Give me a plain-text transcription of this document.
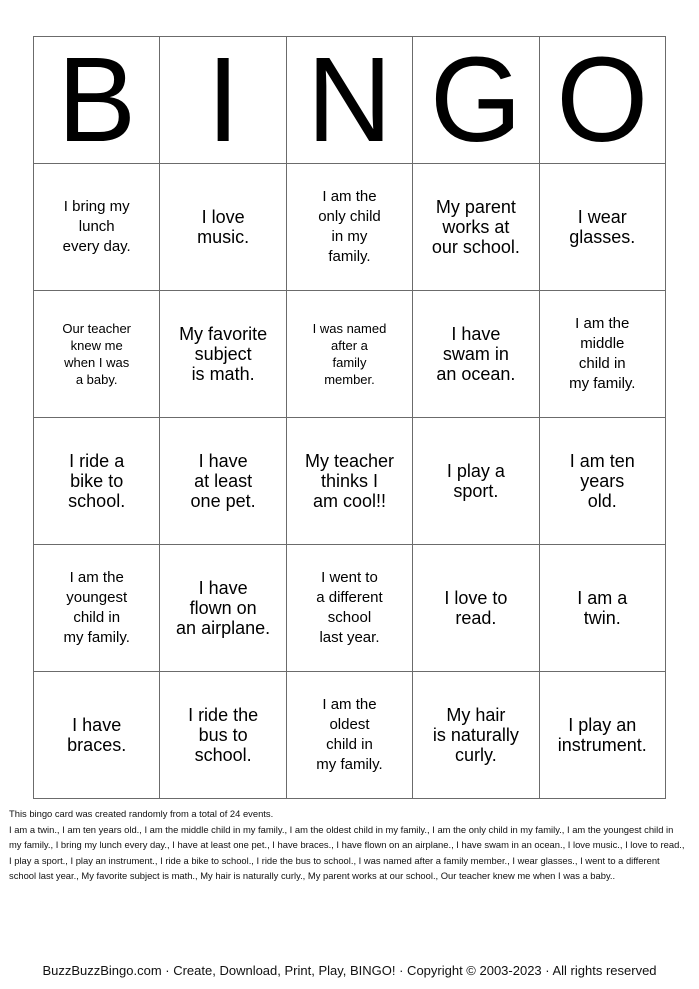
B	I	N	G	O

I bring my
lunch
every day.	I love
music.	I am the
only child
in my
family.	My parent
works at
our school.	I wear
glasses.

Our teacher
knew me
when I was
a baby.	My favorite
subject
is math.	I was named
after a
family
member.	I have
swam in
an ocean.	I am the
middle
child in
my family.

I ride a
bike to
school.	I have
at least
one pet.	My teacher
thinks I
am cool!!	I play a
sport.	I am ten
years
old.

I am the
youngest
child in
my family.	I have
flown on
an airplane.	I went to
a different
school
last year.	I love to
read.	I am a
twin.

I have
braces.	I ride the
bus to
school.	I am the
oldest
child in
my family.	My hair
is naturally
curly.	I play an
instrument.

This bingo card was created randomly from a total of 24 events.

I am a twin., I am ten years old., I am the middle child in my family., I am the oldest child in my family., I am the only child in my family., I am the youngest child in

my family., I bring my lunch every day., I have at least one pet., I have braces., I have flown on an airplane., I have swam in an ocean., I love music., I love to read.,

I play a sport., I play an instrument., I ride a bike to school., I ride the bus to school., I was named after a family member., I wear glasses., I went to a different

school last year., My favorite subject is math., My hair is naturally curly., My parent works at our school., Our teacher knew me when I was a baby..

BuzzBuzzBingo.com · Create, Download, Print, Play, BINGO! · Copyright © 2003-2023 · All rights reserved
